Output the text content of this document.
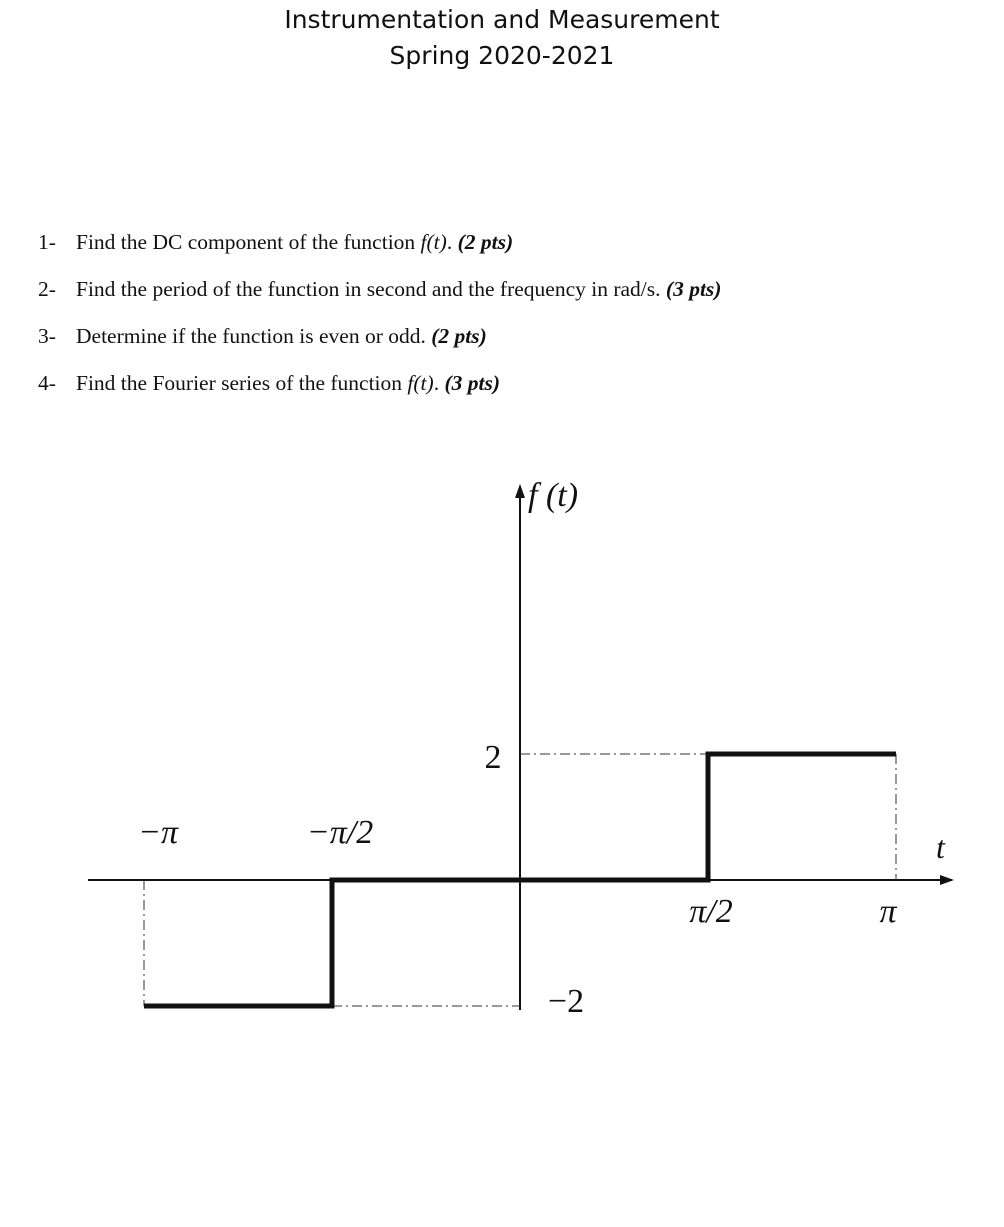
Instrumentation and Measurement
Spring 2020-2021
1- Find the DC component of the function f(t). (2 pts)
2- Find the period of the function in second and the frequency in rad/s. (3 pts)
3- Determine if the function is even or odd. (2 pts)
4- Find the Fourier series of the function f(t). (3 pts)
f (t)
t
−π	−π/2
π/2	π
2
−2
